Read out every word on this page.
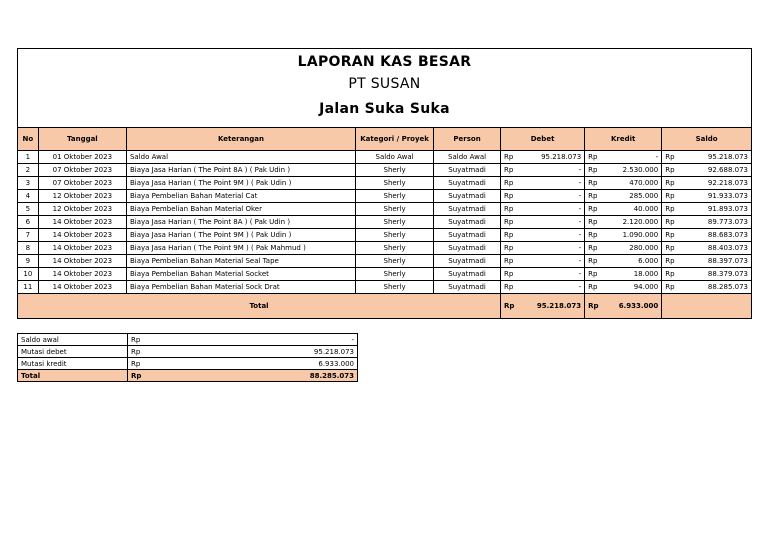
LAPORAN KAS BESAR
PT SUSAN
Jalan Suka Suka
No	Tanggal	Keterangan	Kategori / Proyek	Person	Debet		Kredit		Saldo	
1	01 Oktober 2023	Saldo Awal	Saldo Awal	Saldo Awal	Rp	95.218.073	Rp	-	Rp	95.218.073
2	07 Oktober 2023	Biaya Jasa Harian ( The Point 8A ) ( Pak Udin )	Sherly	Suyatmadi	Rp	-	Rp	2.530.000	Rp	92.688.073
3	07 Oktober 2023	Biaya Jasa Harian ( The Point 9M ) ( Pak Udin )	Sherly	Suyatmadi	Rp	-	Rp	470.000	Rp	92.218.073
4	12 Oktober 2023	Biaya Pembelian Bahan Material Cat	Sherly	Suyatmadi	Rp	-	Rp	285.000	Rp	91.933.073
5	12 Oktober 2023	Biaya Pembelian Bahan Material Oker	Sherly	Suyatmadi	Rp	-	Rp	40.000	Rp	91.893.073
6	14 Oktober 2023	Biaya Jasa Harian ( The Point 8A ) ( Pak Udin )	Sherly	Suyatmadi	Rp	-	Rp	2.120.000	Rp	89.773.073
7	14 Oktober 2023	Biaya Jasa Harian ( The Point 9M ) ( Pak Udin )	Sherly	Suyatmadi	Rp	-	Rp	1.090.000	Rp	88.683.073
8	14 Oktober 2023	Biaya Jasa Harian ( The Point 9M ) ( Pak Mahmud )	Sherly	Suyatmadi	Rp	-	Rp	280.000	Rp	88.403.073
9	14 Oktober 2023	Biaya Pembelian Bahan Material Seal Tape	Sherly	Suyatmadi	Rp	-	Rp	6.000	Rp	88.397.073
10	14 Oktober 2023	Biaya Pembelian Bahan Material Socket	Sherly	Suyatmadi	Rp	-	Rp	18.000	Rp	88.379.073
11	14 Oktober 2023	Biaya Pembelian Bahan Material Sock Drat	Sherly	Suyatmadi	Rp	-	Rp	94.000	Rp	88.285.073
Total					Rp	95.218.073	Rp	6.933.000		
Saldo awal	Rp	-
Mutasi debet	Rp	95.218.073
Mutasi kredit	Rp	6.933.000
Total	Rp	88.285.073
